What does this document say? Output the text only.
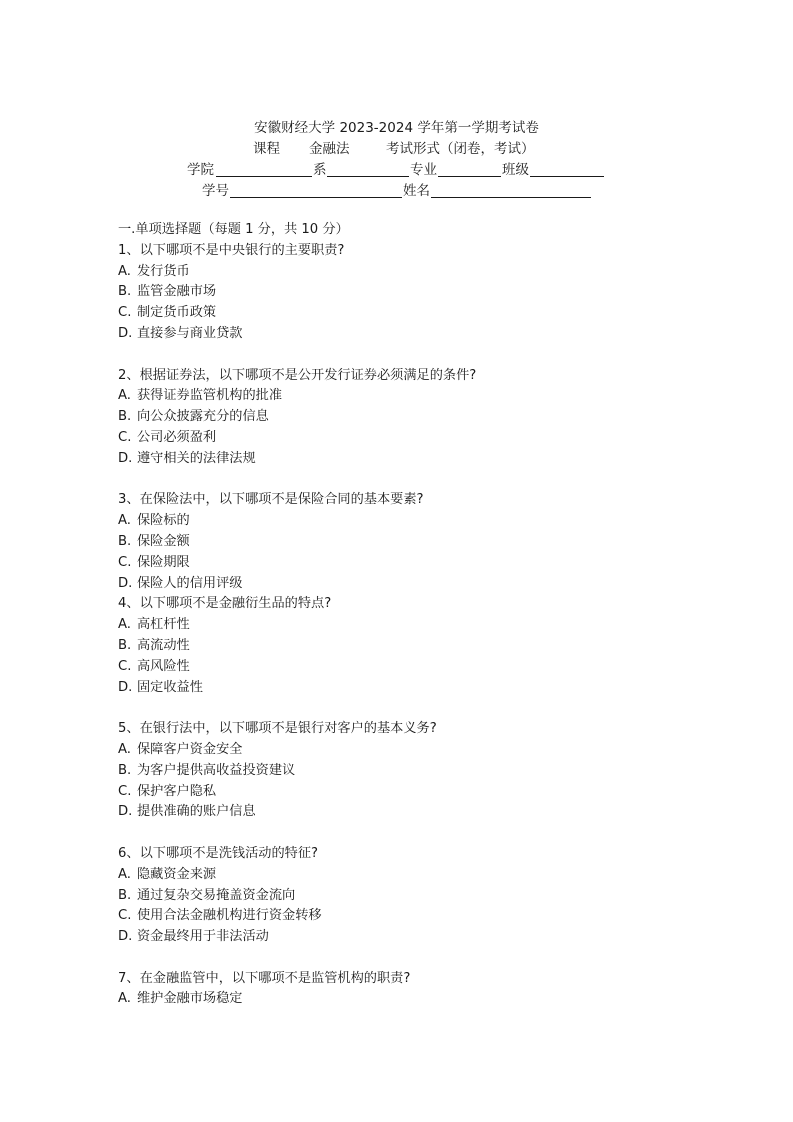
安徽财经大学 2023-2024 学年第一学期考试卷
课程 金融法	考试形式（闭卷，考试）
学院	系	专业	班级
学号	姓名
一.单项选择题（每题 1 分，共 10 分）
1、以下哪项不是中央银行的主要职责?
A. 发行货币
B. 监管金融市场
C. 制定货币政策
D. 直接参与商业贷款
2、根据证券法，以下哪项不是公开发行证券必须满足的条件?
A. 获得证券监管机构的批准
B. 向公众披露充分的信息
C. 公司必须盈利
D. 遵守相关的法律法规
3、在保险法中，以下哪项不是保险合同的基本要素?
A. 保险标的
B. 保险金额
C. 保险期限
D. 保险人的信用评级
4、以下哪项不是金融衍生品的特点?
A. 高杠杆性
B. 高流动性
C. 高风险性
D. 固定收益性
5、在银行法中，以下哪项不是银行对客户的基本义务?
A. 保障客户资金安全
B. 为客户提供高收益投资建议
C. 保护客户隐私
D. 提供准确的账户信息
6、以下哪项不是洗钱活动的特征?
A. 隐藏资金来源
B. 通过复杂交易掩盖资金流向
C. 使用合法金融机构进行资金转移
D. 资金最终用于非法活动
7、在金融监管中，以下哪项不是监管机构的职责?
A. 维护金融市场稳定
